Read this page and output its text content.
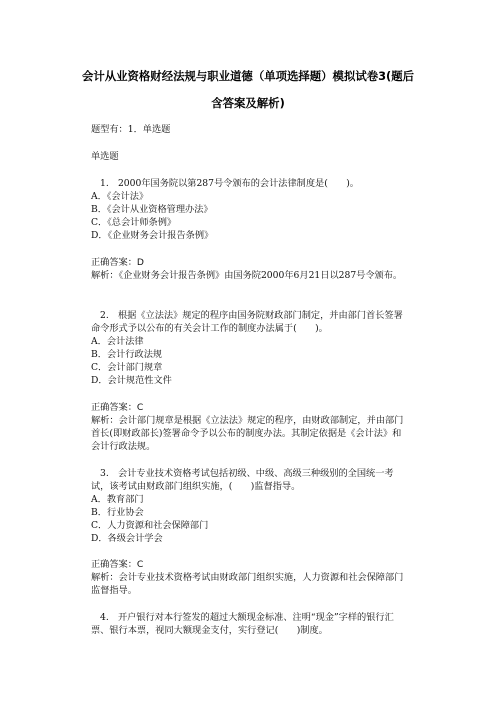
会计从业资格财经法规与职业道德（单项选择题）模拟试卷3(题后
含答案及解析)
题型有：1．单选题
单选题
1.　2000年国务院以第287号令颁布的会计法律制度是(　　)。
A．《会计法》
B．《会计从业资格管理办法》
C．《总会计师条例》
D．《企业财务会计报告条例》
正确答案：D
解析：《企业财务会计报告条例》由国务院2000年6月21日以287号令颁布。
2.　根据《立法法》规定的程序由国务院财政部门制定，并由部门首长签署命令形式予以公布的有关会计工作的制度办法属于(　　)。
A．会计法律
B．会计行政法规
C．会计部门规章
D．会计规范性文件
正确答案：C
解析：会计部门规章是根据《立法法》规定的程序，由财政部制定，并由部门首长(即财政部长)签署命令予以公布的制度办法。其制定依据是《会计法》和会计行政法规。
3.　会计专业技术资格考试包括初级、中级、高级三种级别的全国统一考试，该考试由财政部门组织实施，(　　)监督指导。
A．教育部门
B．行业协会
C．人力资源和社会保障部门
D．各级会计学会
正确答案：C
解析：会计专业技术资格考试由财政部门组织实施，人力资源和社会保障部门监督指导。
4.　开户银行对本行签发的超过大额现金标准、注明“现金”字样的银行汇票、银行本票，视同大额现金支付，实行登记(　　)制度。
